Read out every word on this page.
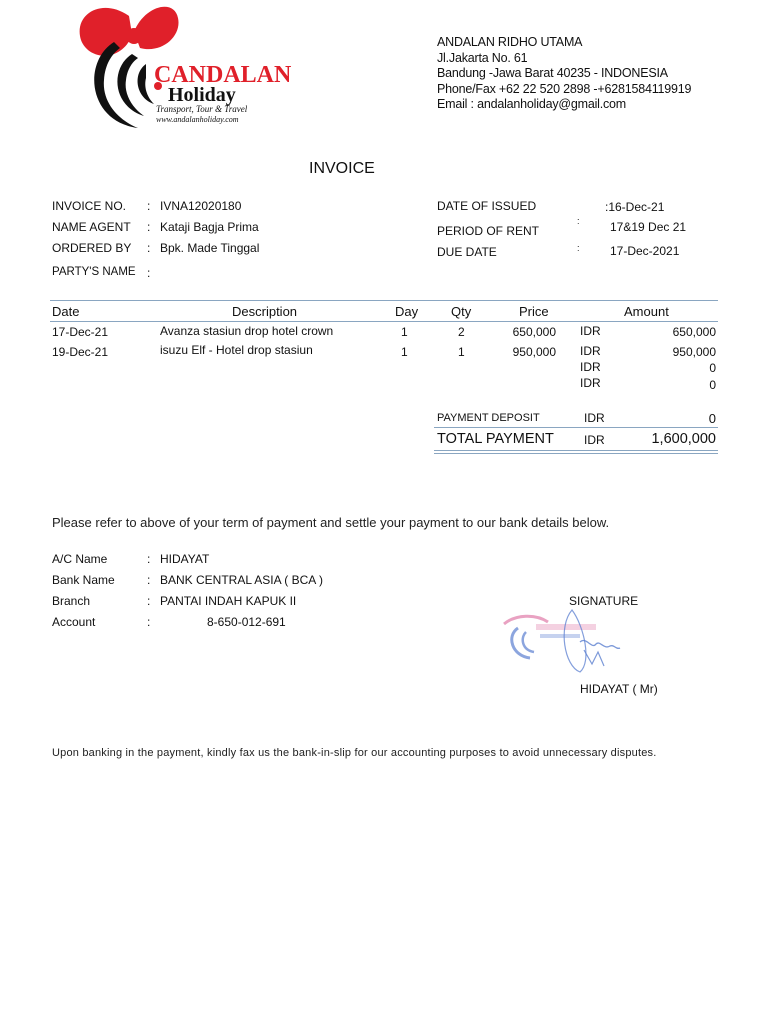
CANDALAN
Holiday
Transport, Tour & Travel
www.andalanholiday.com
ANDALAN RIDHO UTAMA
Jl.Jakarta No. 61
Bandung -Jawa Barat 40235 - INDONESIA
Phone/Fax +62 22 520 2898 -+6281584119919
Email : andalanholiday@gmail.com
INVOICE
INVOICE NO. : IVNA12020180
NAME AGENT : Kataji Bagja Prima
ORDERED BY : Bpk. Made Tinggal
PARTY'S NAME :
DATE OF ISSUED	:16-Dec-21
PERIOD OF RENT
:	17&19 Dec 21
DUE DATE	:	17-Dec-2021
Date	Description	Day	Qty	Price	Amount
17-Dec-21	Avanza stasiun drop hotel crown	1	2	650,000 IDR	650,000
19-Dec-21	isuzu Elf - Hotel drop stasiun	1	1	950,000 IDR	950,000
IDR	0
IDR	0
PAYMENT DEPOSIT	IDR	0
TOTAL PAYMENT	IDR	1,600,000
Please refer to above of your term of payment and settle your payment to our bank details below.
A/C Name	: HIDAYAT
Bank Name	: BANK CENTRAL ASIA ( BCA )
Branch	: PANTAI INDAH KAPUK II
Account	:	8-650-012-691
SIGNATURE
HIDAYAT ( Mr)
Upon banking in the payment, kindly fax us the bank-in-slip for our accounting purposes to avoid unnecessary disputes.
